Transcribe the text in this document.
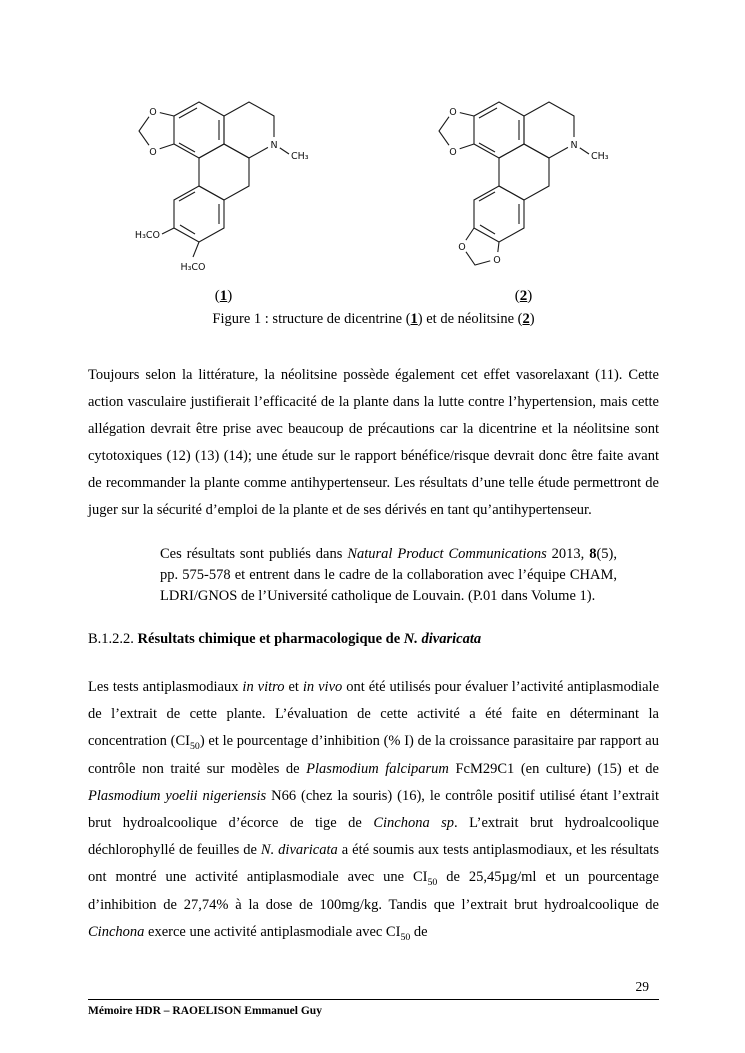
O
O
N
CH₃
H₃CO
H₃CO
(1)
O
O
N
CH₃
O
O
(2)
Figure 1 : structure de dicentrine (1) et de néolitsine (2)

Toujours selon la littérature, la néolitsine possède également cet effet vasorelaxant (11). Cette action vasculaire justifierait l’efficacité de la plante dans la lutte contre l’hypertension, mais cette allégation devrait être prise avec beaucoup de précautions car la dicentrine et la néolitsine sont cytotoxiques (12) (13) (14); une étude sur le rapport bénéfice/risque devrait donc être faite avant de recommander la plante comme antihypertenseur. Les résultats d’une telle étude permettront de juger sur la sécurité d’emploi de la plante et de ses dérivés en tant qu’antihypertenseur.

Ces résultats sont publiés dans Natural Product Communications 2013, 8(5), pp. 575-578 et entrent dans le cadre de la collaboration avec l’équipe CHAM, LDRI/GNOS de l’Université catholique de Louvain. (P.01 dans Volume 1).
B.1.2.2. Résultats chimique et pharmacologique de N. divaricata

Les tests antiplasmodiaux in vitro et in vivo ont été utilisés pour évaluer l’activité antiplasmodiale de l’extrait de cette plante. L’évaluation de cette activité a été faite en déterminant la concentration $(CI_{50})$ et le pourcentage d’inhibition (% I) de la croissance parasitaire par rapport au contrôle non traité sur modèles de Plasmodium falciparum FcM29C1 (en culture) (15) et de Plasmodium yoelii nigeriensis N66 (chez la souris) (16), le contrôle positif utilisé étant l’extrait brut hydroalcoolique d’écorce de tige de Cinchona sp. L’extrait brut hydroalcoolique déchlorophyllé de feuilles de N. divaricata a été soumis aux tests antiplasmodiaux, et les résultats ont montré une activité antiplasmodiale avec une $CI_{50}$ de 25,45µg/ml et un pourcentage d’inhibition de 27,74% à la dose de 100mg/kg. Tandis que l’extrait brut hydroalcoolique de Cinchona exerce une activité antiplasmodiale avec $CI_{50}$ de

29
Mémoire HDR – RAOELISON Emmanuel Guy
